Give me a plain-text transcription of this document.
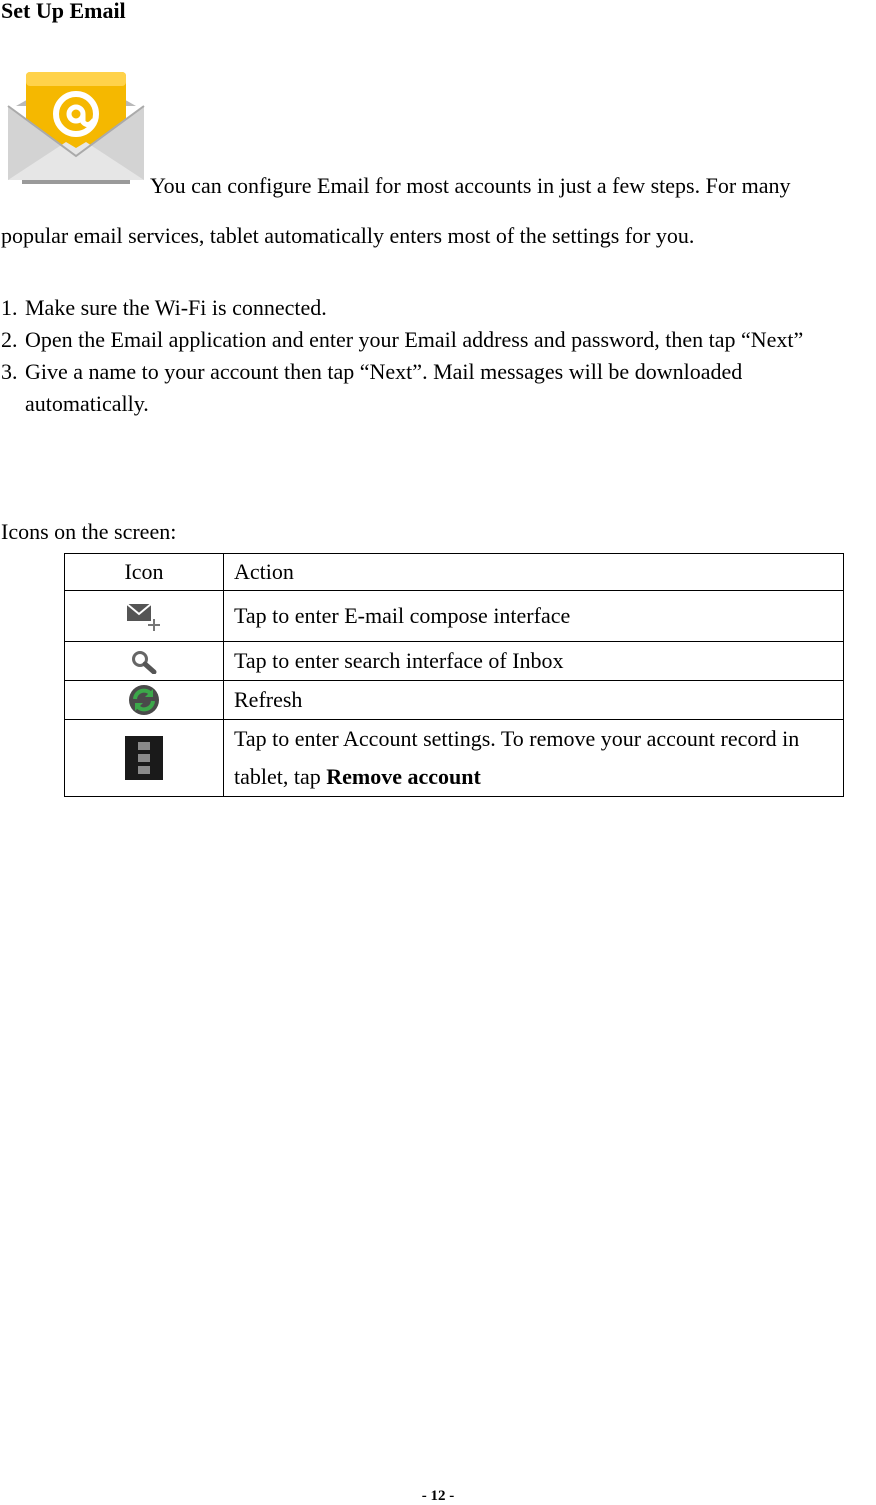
Set Up Email

You can configure Email for most accounts in just a few steps. For many

popular email services, tablet automatically enters most of the settings for you.

1. Make sure the Wi-Fi is connected.
2. Open the Email application and enter your Email address and password, then tap “Next”
3. Give a name to your account then tap “Next”. Mail messages will be downloaded automatically.

Icons on the screen:

Icon	Action
	Tap to enter E-mail compose interface
	Tap to enter search interface of Inbox
	Refresh
	Tap to enter Account settings. To remove your account record in tablet, tap Remove account
- 12 -
